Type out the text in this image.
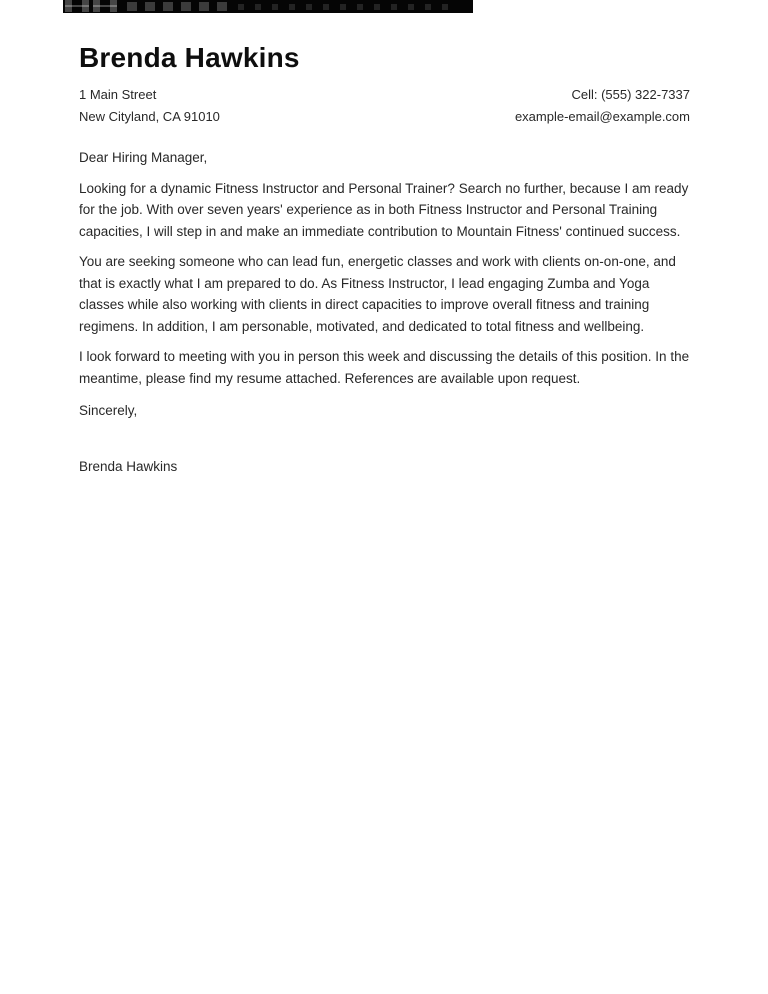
Brenda Hawkins
1 Main Street
New Cityland, CA 91010
Cell: (555) 322-7337
example-email@example.com
Dear Hiring Manager,

Looking for a dynamic Fitness Instructor and Personal Trainer? Search no further, because I am ready for the job. With over seven years' experience as in both Fitness Instructor and Personal Training capacities, I will step in and make an immediate contribution to Mountain Fitness' continued success.

You are seeking someone who can lead fun, energetic classes and work with clients on-on-one, and that is exactly what I am prepared to do. As Fitness Instructor, I lead engaging Zumba and Yoga classes while also working with clients in direct capacities to improve overall fitness and training regimens. In addition, I am personable, motivated, and dedicated to total fitness and wellbeing.

I look forward to meeting with you in person this week and discussing the details of this position. In the meantime, please find my resume attached. References are available upon request.

Sincerely,
Brenda Hawkins
